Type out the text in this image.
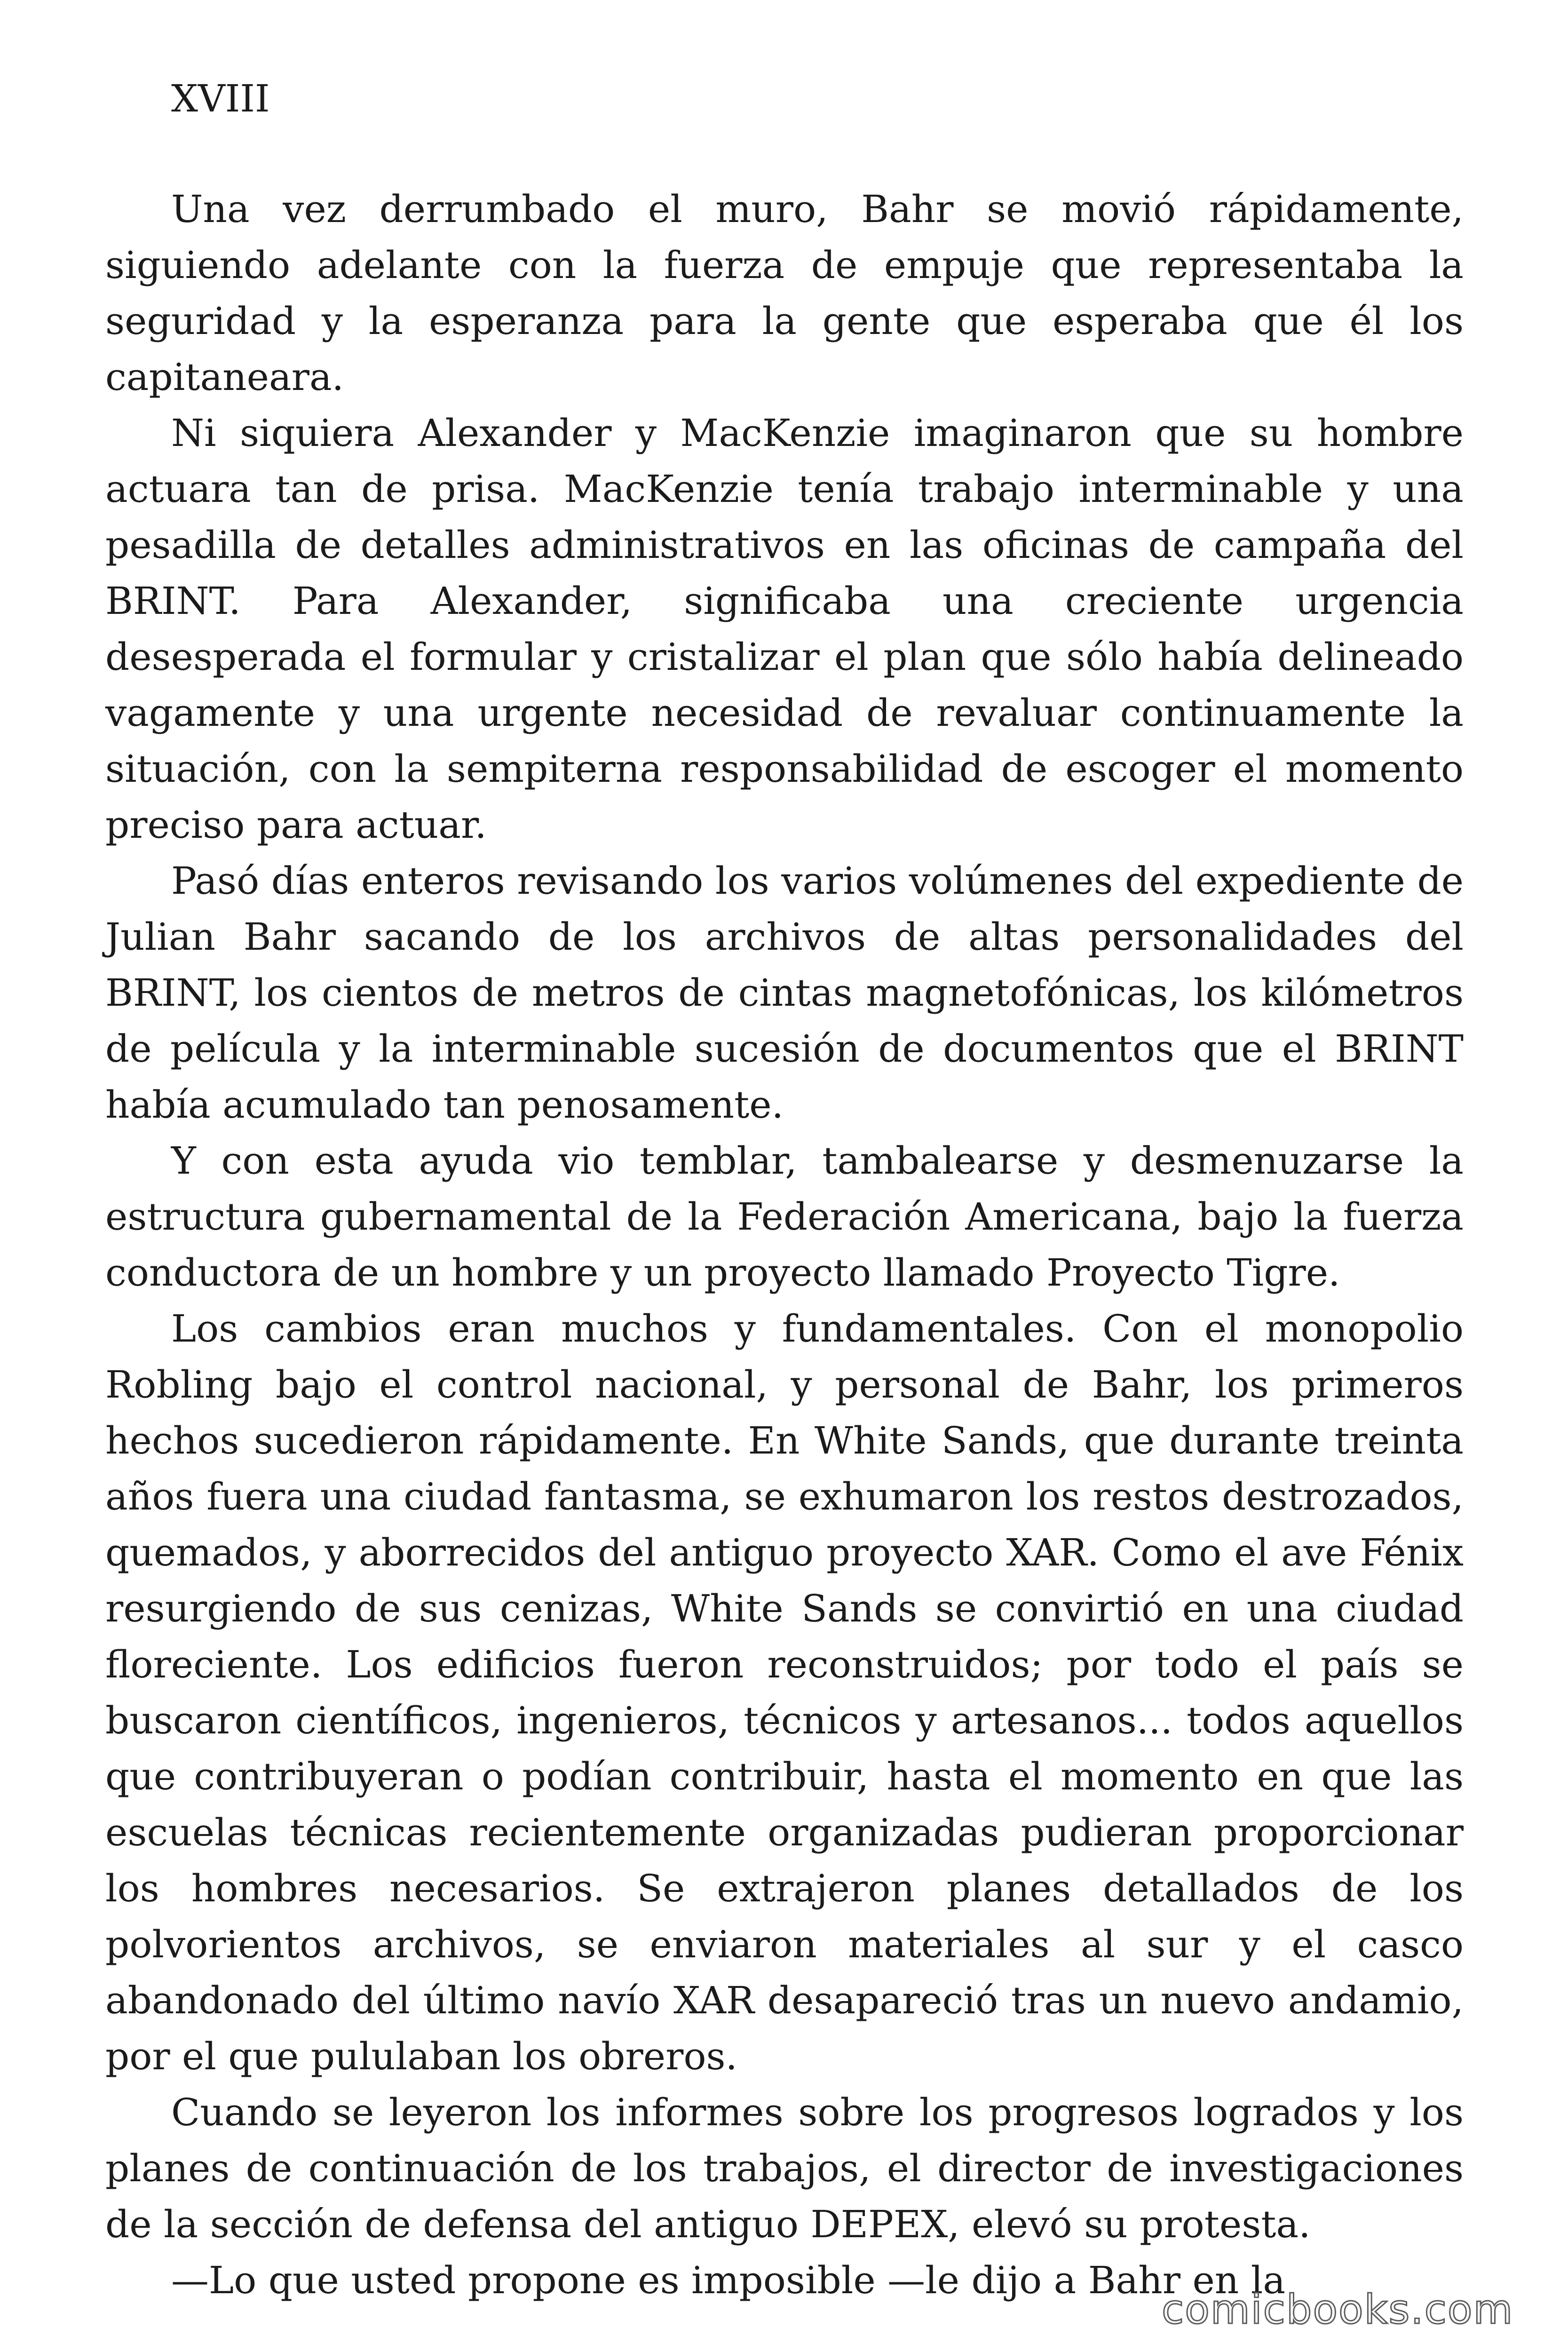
XVIII

Una vez derrumbado el muro, Bahr se movió rápidamente, siguiendo adelante con la fuerza de empuje que representaba la seguridad y la esperanza para la gente que esperaba que él los capitaneara.

Ni siquiera Alexander y MacKenzie imaginaron que su hombre actuara tan de prisa. MacKenzie tenía trabajo interminable y una pesadilla de detalles administrativos en las oficinas de campaña del BRINT. Para Alexander, significaba una creciente urgencia desesperada el formular y cristalizar el plan que sólo había delineado vagamente y una urgente necesidad de revaluar continuamente la situación, con la sempiterna responsabilidad de escoger el momento preciso para actuar.

Pasó días enteros revisando los varios volúmenes del expediente de Julian Bahr sacando de los archivos de altas personalidades del BRINT, los cientos de metros de cintas magnetofónicas, los kilómetros de película y la interminable sucesión de documentos que el BRINT había acumulado tan penosamente.

Y con esta ayuda vio temblar, tambalearse y desmenuzarse la estructura gubernamental de la Federación Americana, bajo la fuerza conductora de un hombre y un proyecto llamado Proyecto Tigre.

Los cambios eran muchos y fundamentales. Con el monopolio Robling bajo el control nacional, y personal de Bahr, los primeros hechos sucedieron rápidamente. En White Sands, que durante treinta años fuera una ciudad fantasma, se exhumaron los restos destrozados, quemados, y aborrecidos del antiguo proyecto XAR. Como el ave Fénix resurgiendo de sus cenizas, White Sands se convirtió en una ciudad floreciente. Los edificios fueron reconstruidos; por todo el país se buscaron científicos, ingenieros, técnicos y artesanos... todos aquellos que contribuyeran o podían contribuir, hasta el momento en que las escuelas técnicas recientemente organizadas pudieran proporcionar los hombres necesarios. Se extrajeron planes detallados de los polvorientos archivos, se enviaron materiales al sur y el casco abandonado del último navío XAR desapareció tras un nuevo andamio, por el que pululaban los obreros.

Cuando se leyeron los informes sobre los progresos logrados y los planes de continuación de los trabajos, el director de investigaciones de la sección de defensa del antiguo DEPEX, elevó su protesta.

—Lo que usted propone es imposible —le dijo a Bahr en la

comicbooks.com
